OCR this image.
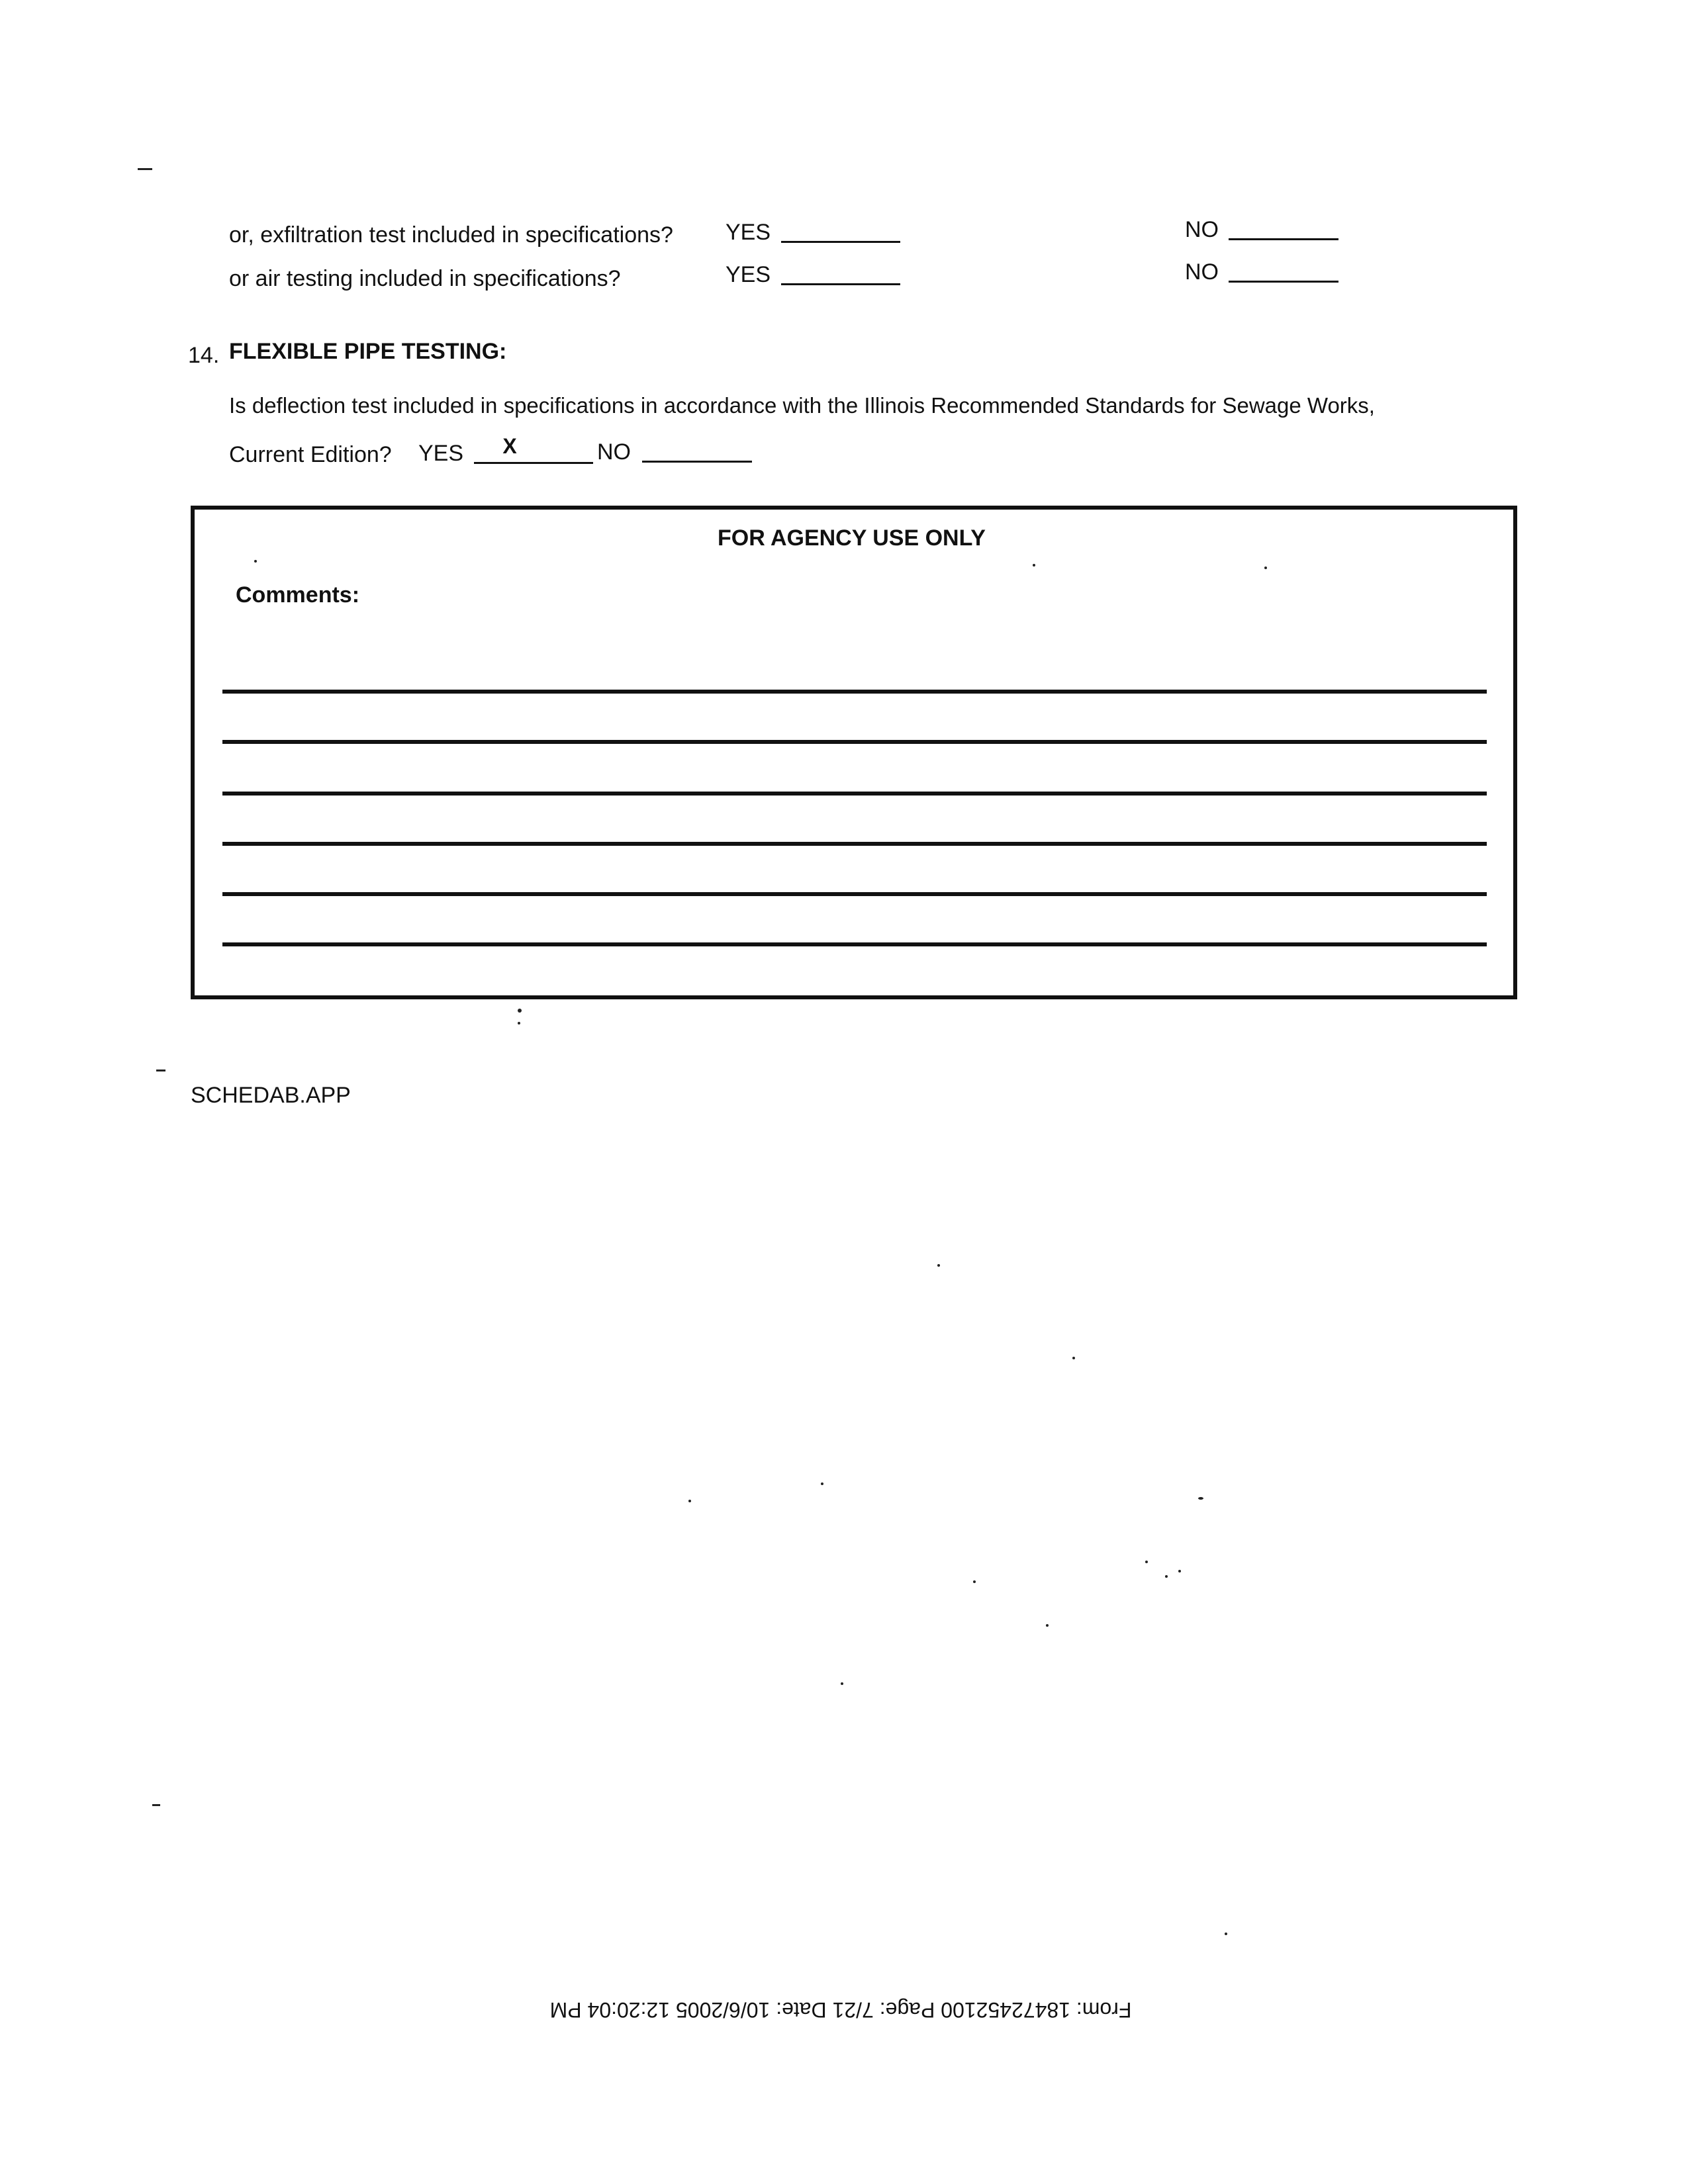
or, exfiltration test included in specifications? YES	NO
or air testing included in specifications?	YES	NO
14. FLEXIBLE PIPE TESTING:
Is deflection test included in specifications in accordance with the Illinois Recommended Standards for Sewage Works,
Current Edition? YES	X	NO
FOR AGENCY USE ONLY
Comments:
SCHEDAB.APP
From: 18472452100 Page: 7/21 Date: 10/6/2005 12:20:04 PM
